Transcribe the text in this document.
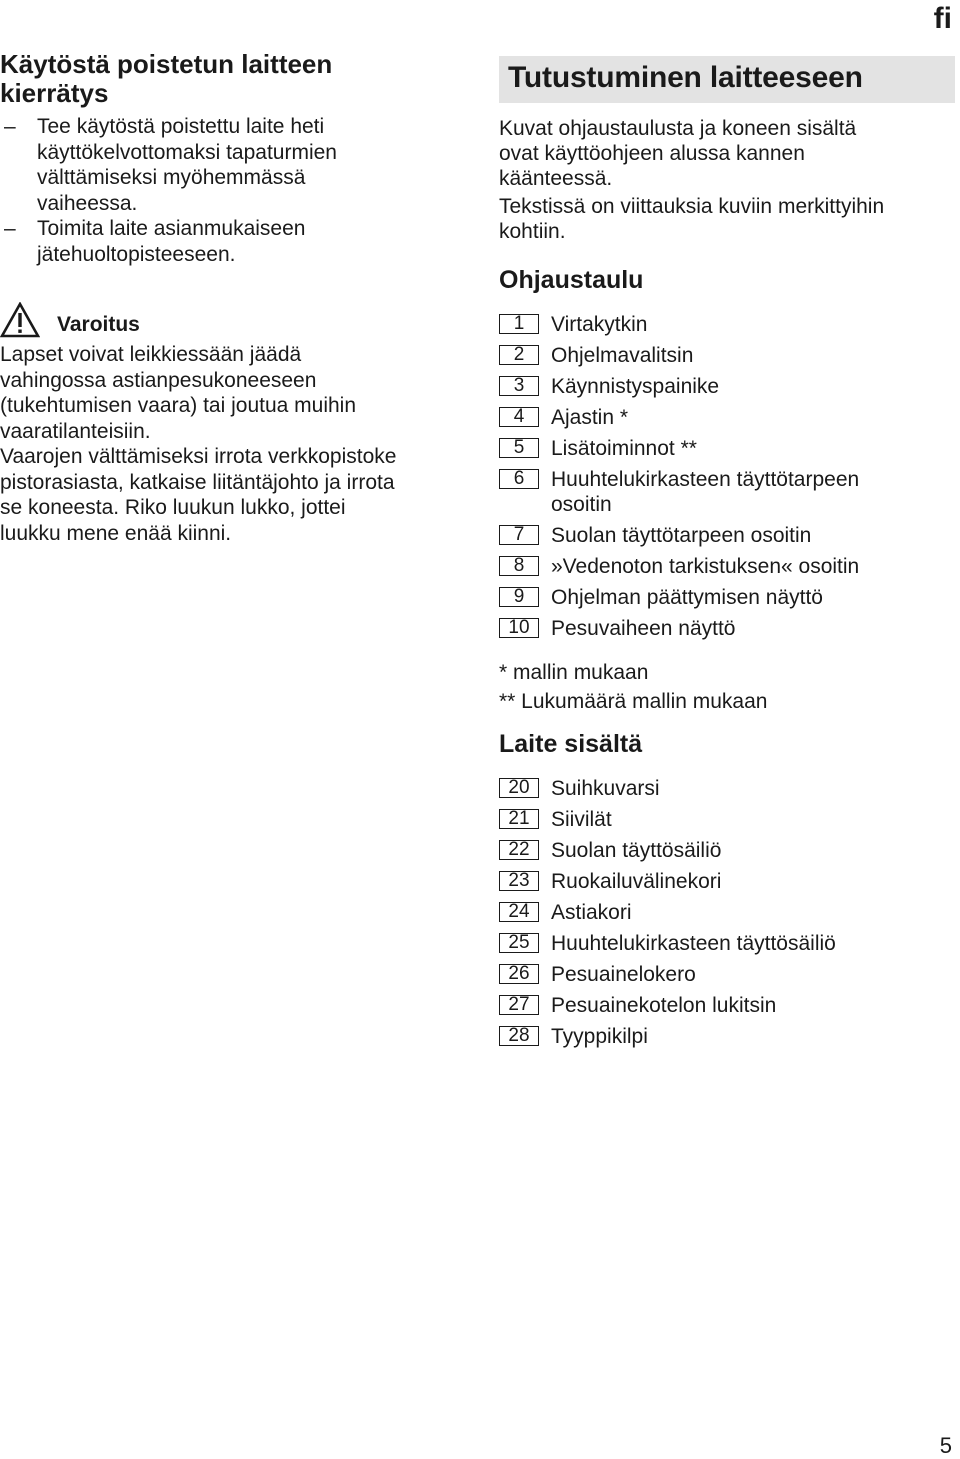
fi
Käytöstä poistetun laitteen
kierrätys
– Tee käytöstä poistettu laite heti
käyttökelvottomaksi tapaturmien
välttämiseksi myöhemmässä
vaiheessa.
– Toimita laite asianmukaiseen
jätehuoltopisteeseen.
Varoitus

Lapset voivat leikkiessään jäädä
vahingossa astianpesukoneeseen
(tukehtumisen vaara) tai joutua muihin
vaaratilanteisiin.

Vaarojen välttämiseksi irrota verkkopistoke
pistorasiasta, katkaise liitäntäjohto ja irrota
se koneesta. Riko luukun lukko, jottei
luukku mene enää kiinni.

Tutustuminen laitteeseen

Kuvat ohjaustaulusta ja koneen sisältä
ovat käyttöohjeen alussa kannen
käänteessä.

Tekstissä on viittauksia kuviin merkittyihin
kohtiin.

Ohjaustaulu
1	Virtakytkin
2	Ohjelmavalitsin
3	Käynnistyspainike
4	Ajastin *
5	Lisätoiminnot **
6	Huuhtelukirkasteen täyttötarpeen
osoitin
7	Suolan täyttötarpeen osoitin
8	»Vedenoton tarkistuksen« osoitin
9	Ohjelman päättymisen näyttö
10	Pesuvaiheen näyttö

* mallin mukaan

** Lukumäärä mallin mukaan

Laite sisältä
20	Suihkuvarsi
21	Siivilät
22	Suolan täyttösäiliö
23	Ruokailuvälinekori
24	Astiakori
25	Huuhtelukirkasteen täyttösäiliö
26	Pesuainelokero
27	Pesuainekotelon lukitsin
28	Tyyppikilpi
5
